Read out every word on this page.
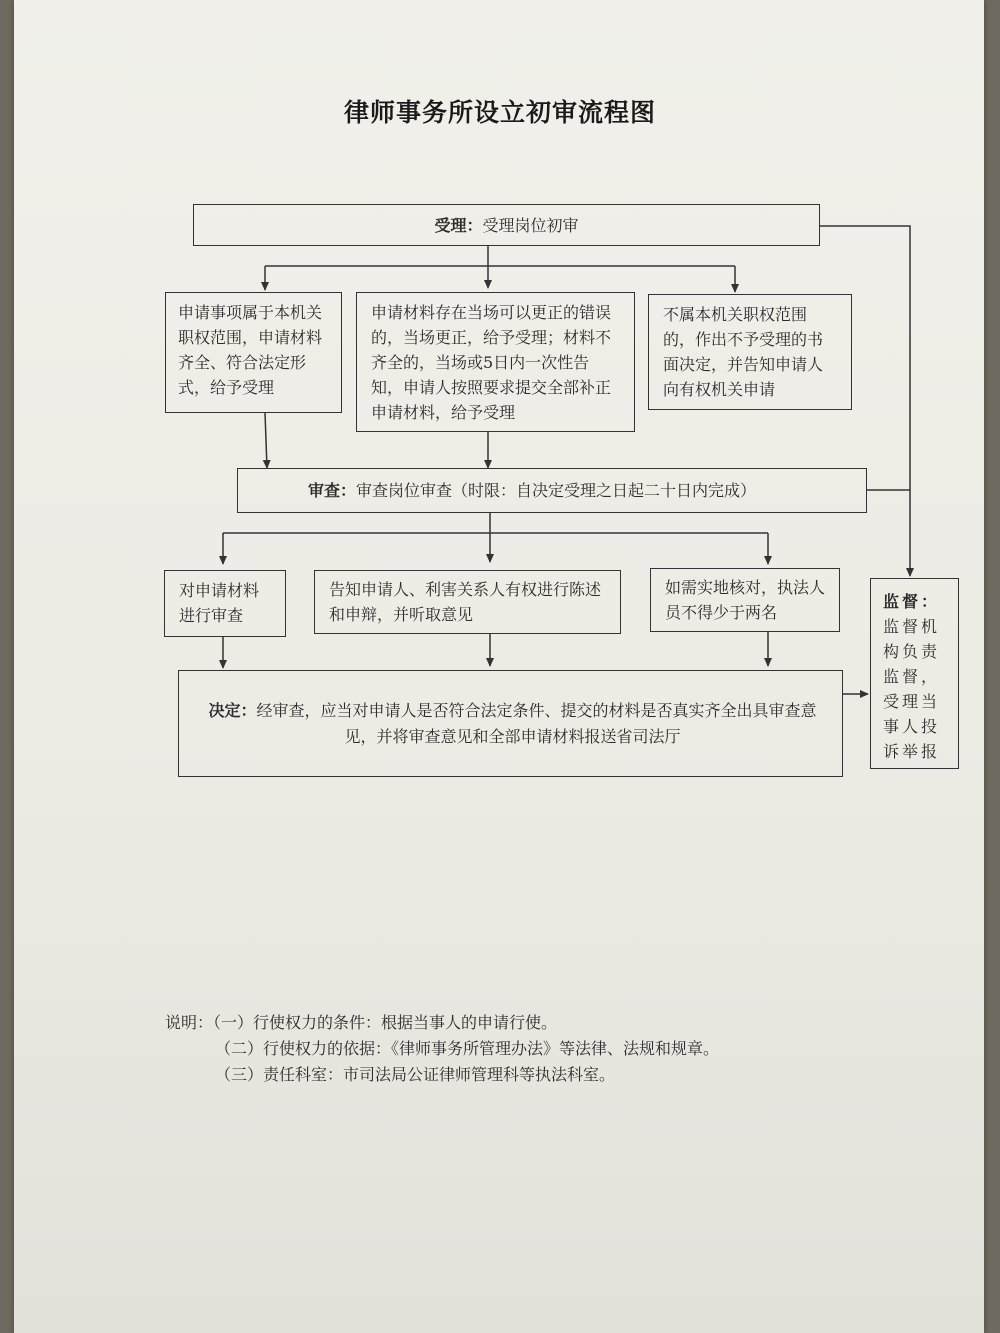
律师事务所设立初审流程图
受理：受理岗位初审
申请事项属于本机关职权范围，申请材料齐全、符合法定形式，给予受理
申请材料存在当场可以更正的错误的，当场更正，给予受理；材料不齐全的，当场或5日内一次性告知，申请人按照要求提交全部补正申请材料，给予受理
不属本机关职权范围的，作出不予受理的书面决定，并告知申请人向有权机关申请
审查：审查岗位审查（时限：自决定受理之日起二十日内完成）
对申请材料进行审查
告知申请人、利害关系人有权进行陈述和申辩，并听取意见
如需实地核对，执法人员不得少于两名
决定：经审查，应当对申请人是否符合法定条件、提交的材料是否真实齐全出具审查意见，并将审查意见和全部申请材料报送省司法厅
监督：监督机构负责监督，受理当事人投诉举报
说明：（一）行使权力的条件：根据当事人的申请行使。
（二）行使权力的依据：《律师事务所管理办法》等法律、法规和规章。
（三）责任科室：市司法局公证律师管理科等执法科室。
